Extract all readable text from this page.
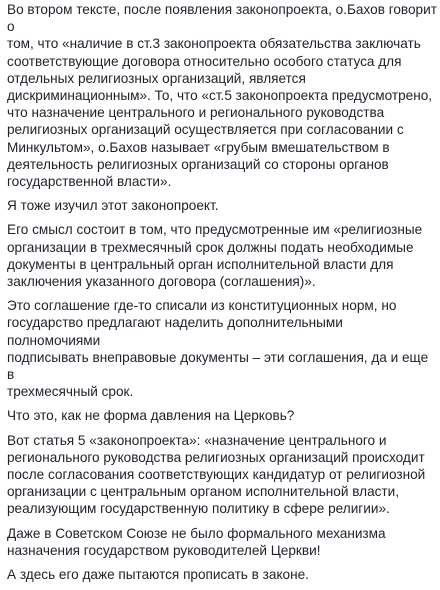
Во втором тексте, после появления законопроекта, о.Бахов говорит о
том, что «наличие в ст.3 законопроекта обязательства заключать
соответствующие договора относительно особого статуса для
отдельных религиозных организаций, является
дискриминационным». То, что «ст.5 законопроекта предусмотрено,
что назначение центрального и регионального руководства
религиозных организаций осуществляется при согласовании с
Минкультом», о.Бахов называет «грубым вмешательством в
деятельность религиозных организаций со стороны органов
государственной власти».

Я тоже изучил этот законопроект.

Его смысл состоит в том, что предусмотренные им «религиозные
организации в трехмесячный срок должны подать необходимые
документы в центральный орган исполнительной власти для
заключения указанного договора (соглашения)».

Это соглашение где-то списали из конституционных норм, но
государство предлагают наделить дополнительными полномочиями
подписывать внеправовые документы – эти соглашения, да и еще в
трехмесячный срок.

Что это, как не форма давления на Церковь?

Вот статья 5 «законопроекта»: «назначение центрального и
регионального руководства религиозных организаций происходит
после согласования соответствующих кандидатур от религиозной
организации с центральным органом исполнительной власти,
реализующим государственную политику в сфере религии».

Даже в Советском Союзе не было формального механизма
назначения государством руководителей Церкви!

А здесь его даже пытаются прописать в законе.
